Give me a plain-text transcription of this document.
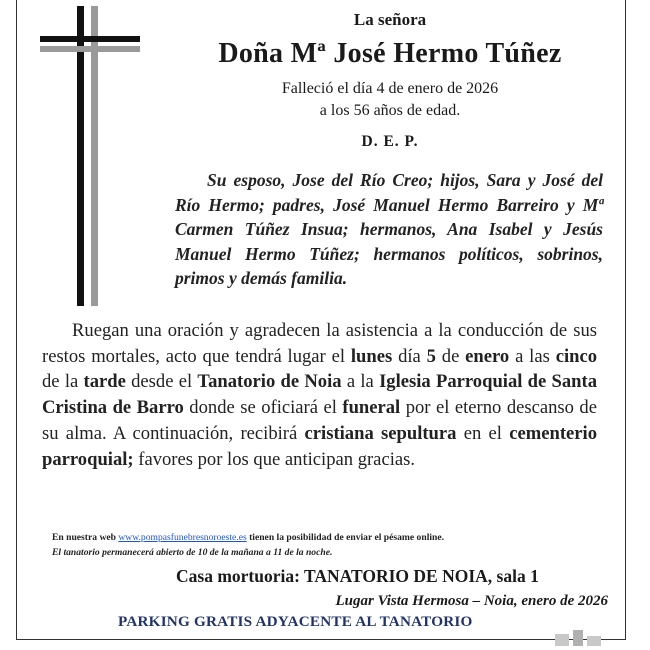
La señora
Doña Mª José Hermo Túñez
Falleció el día 4 de enero de 2026
a los 56 años de edad.
D. E. P.
Su esposo, Jose del Río Creo; hijos, Sara y José del Río Hermo; padres, José Manuel Hermo Barreiro y Mª Carmen Túñez Insua; hermanos, Ana Isabel y Jesús Manuel Hermo Túñez; hermanos políticos, sobrinos, primos y demás familia.
Ruegan una oración y agradecen la asistencia a la conducción de sus restos mortales, acto que tendrá lugar el lunes día 5 de enero a las cinco de la tarde desde el Tanatorio de Noia a la Iglesia Parroquial de Santa Cristina de Barro donde se oficiará el funeral por el eterno descanso de su alma. A continuación, recibirá cristiana sepultura en el cementerio parroquial; favores por los que anticipan gracias.
En nuestra web www.pompasfunebresnoroeste.es tienen la posibilidad de enviar el pésame online.
El tanatorio permanecerá abierto de 10 de la mañana a 11 de la noche.
Casa mortuoria: TANATORIO DE NOIA, sala 1
Lugar Vista Hermosa – Noia, enero de 2026
PARKING GRATIS ADYACENTE AL TANATORIO
